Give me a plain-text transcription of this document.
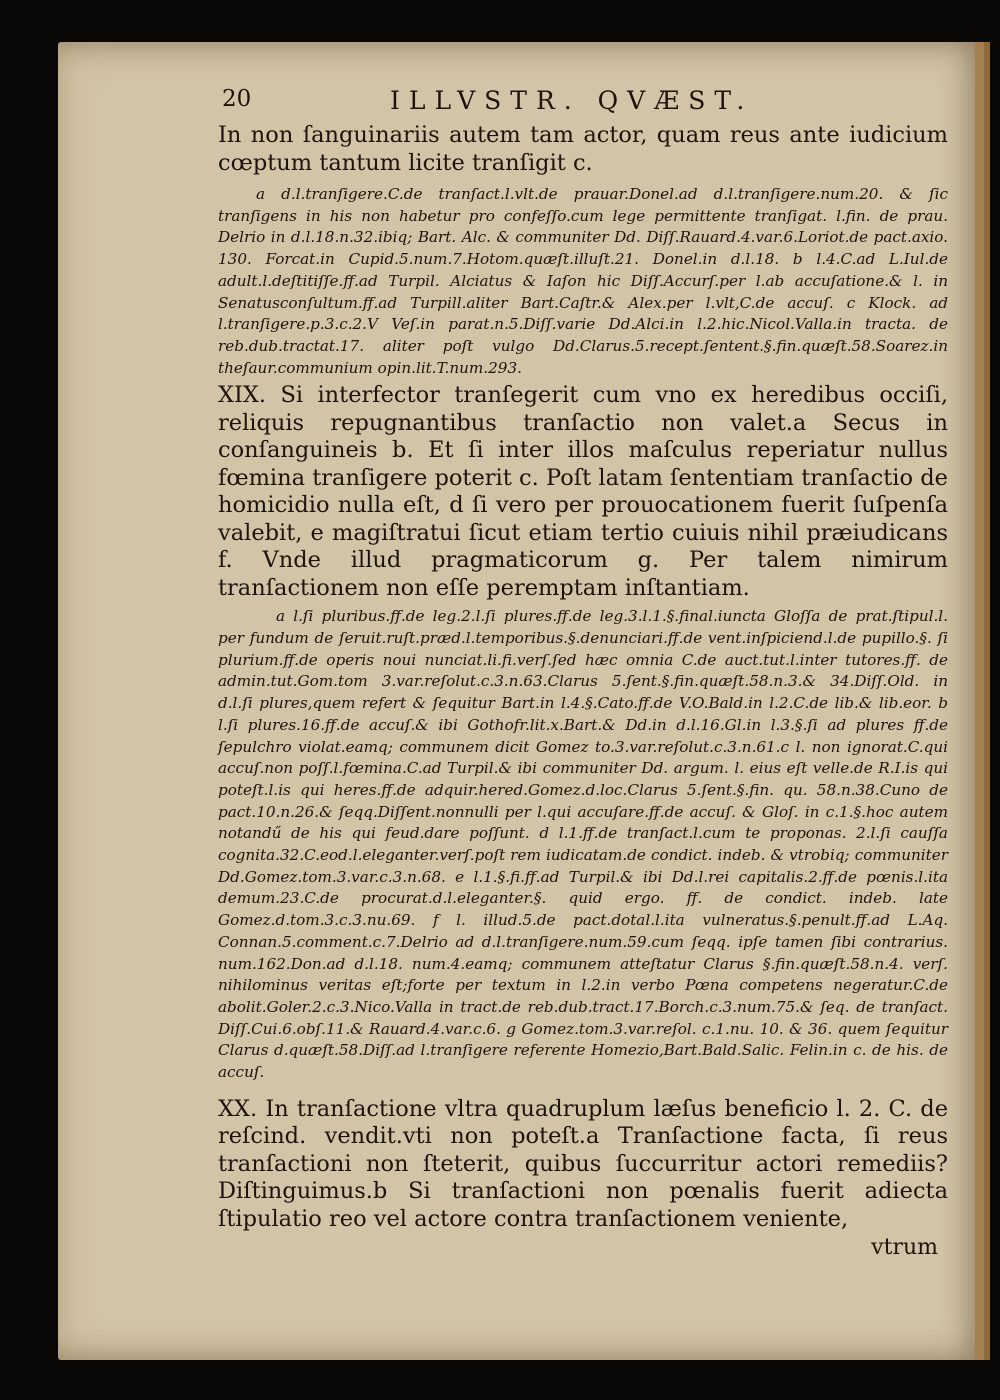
20	ILLVSTR. QVÆST.

In non ſanguinariis autem tam actor, quam reus ante iudicium cœptum tantum licite tranſigit c.

a d.l.tranſigere.C.de tranſact.l.vlt.de prauar.Donel.ad d.l.tranſigere.num.20. & ſic tranſigens in his non habetur pro confeſſo.cum lege permittente tranſigat. l.fin. de prau. Delrio in d.l.18.n.32.ibiq; Bart. Alc. & communiter Dd. Diſſ.Rauard.4.var.6.Loriot.de pact.axio. 130. Forcat.in Cupid.5.num.7.Hotom.quæſt.illuſt.21. Donel.in d.l.18. b l.4.C.ad L.Iul.de adult.l.deſtitiſſe.ff.ad Turpil. Alciatus & Iaſon hic Diſſ.Accurſ.per l.ab accuſatione.& l. in Senatusconſultum.ff.ad Turpill.aliter Bart.Caſtr.& Alex.per l.vlt,C.de accuſ. c Klock. ad l.tranſigere.p.3.c.2.V Veſ.in parat.n.5.Diſſ.varie Dd.Alci.in l.2.hic.Nicol.Valla.in tracta. de reb.dub.tractat.17. aliter poſt vulgo Dd.Clarus.5.recept.ſentent.§.fin.quæſt.58.Soarez.in theſaur.communium opin.lit.T.num.293.

XIX. Si interfector tranſegerit cum vno ex heredibus occiſi, reliquis repugnantibus tranſactio non valet.a Secus in conſanguineis b. Et ſi inter illos maſculus reperiatur nullus fœmina tranſigere poterit c. Poſt latam ſententiam tranſactio de homicidio nulla eſt, d ſi vero per prouocationem fuerit ſuſpenſa valebit, e magiſtratui ſicut etiam tertio cuiuis nihil præiudicans f. Vnde illud pragmaticorum g. Per talem nimirum tranſactionem non eſſe peremptam inſtantiam.

a l.ſi pluribus.ff.de leg.2.l.ſi plures.ff.de leg.3.l.1.§.final.iuncta Gloſſa de prat.ſtipul.l. per fundum de ſeruit.ruſt.præd.l.temporibus.§.denunciari.ff.de vent.inſpiciend.l.de pupillo.§. ſi plurium.ff.de operis noui nunciat.li.fi.verſ.ſed hæc omnia C.de auct.tut.l.inter tutores.ff. de admin.tut.Gom.tom 3.var.reſolut.c.3.n.63.Clarus 5.ſent.§.fin.quæſt.58.n.3.& 34.Diſſ.Old. in d.l.ſi plures,quem refert & ſequitur Bart.in l.4.§.Cato.ff.de V.O.Bald.in l.2.C.de lib.& lib.eor. b l.ſi plures.16.ff.de accuſ.& ibi Gothofr.lit.x.Bart.& Dd.in d.l.16.Gl.in l.3.§.ſi ad plures ff.de ſepulchro violat.eamq; communem dicit Gomez to.3.var.reſolut.c.3.n.61.c l. non ignorat.C.qui accuſ.non poſſ.l.fœmina.C.ad Turpil.& ibi communiter Dd. argum. l. eius eſt velle.de R.I.is qui poteſt.l.is qui heres.ff.de adquir.hered.Gomez.d.loc.Clarus 5.ſent.§.fin. qu. 58.n.38.Cuno de pact.10.n.26.& ſeqq.Diſſent.nonnulli per l.qui accuſare.ff.de accuſ. & Gloſ. in c.1.§.hoc autem notandű de his qui feud.dare poſſunt. d l.1.ff.de tranſact.l.cum te proponas. 2.l.ſi cauſſa cognita.32.C.eod.l.eleganter.verſ.poſt rem iudicatam.de condict. indeb. & vtrobiq; communiter Dd.Gomez.tom.3.var.c.3.n.68. e l.1.§.fi.ff.ad Turpil.& ibi Dd.l.rei capitalis.2.ff.de pœnis.l.ita demum.23.C.de procurat.d.l.eleganter.§. quid ergo. ff. de condict. indeb. late Gomez.d.tom.3.c.3.nu.69. f l. illud.5.de pact.dotal.l.ita vulneratus.§.penult.ff.ad L.Aq. Connan.5.comment.c.7.Delrio ad d.l.tranſigere.num.59.cum ſeqq. ipſe tamen ſibi contrarius. num.162.Don.ad d.l.18. num.4.eamq; communem atteſtatur Clarus §.fin.quæſt.58.n.4. verſ. nihilominus veritas eſt;forte per textum in l.2.in verbo Pœna competens negeratur.C.de abolit.Goler.2.c.3.Nico.Valla in tract.de reb.dub.tract.17.Borch.c.3.num.75.& ſeq. de tranſact. Diſſ.Cui.6.obſ.11.& Rauard.4.var.c.6. g Gomez.tom.3.var.reſol. c.1.nu. 10. & 36. quem ſequitur Clarus d.quæſt.58.Diſſ.ad l.tranſigere referente Homezio,Bart.Bald.Salic. Felin.in c. de his. de accuſ.

XX. In tranſactione vltra quadruplum læſus beneficio l. 2. C. de reſcind. vendit.vti non poteſt.a Tranſactione facta, ſi reus tranſactioni non ſteterit, quibus ſuccurritur actori remediis?Diſtinguimus.b Si tranſactioni non pœnalis fuerit adiecta ſtipulatio reo vel actore contra tranſactionem veniente,

vtrum
